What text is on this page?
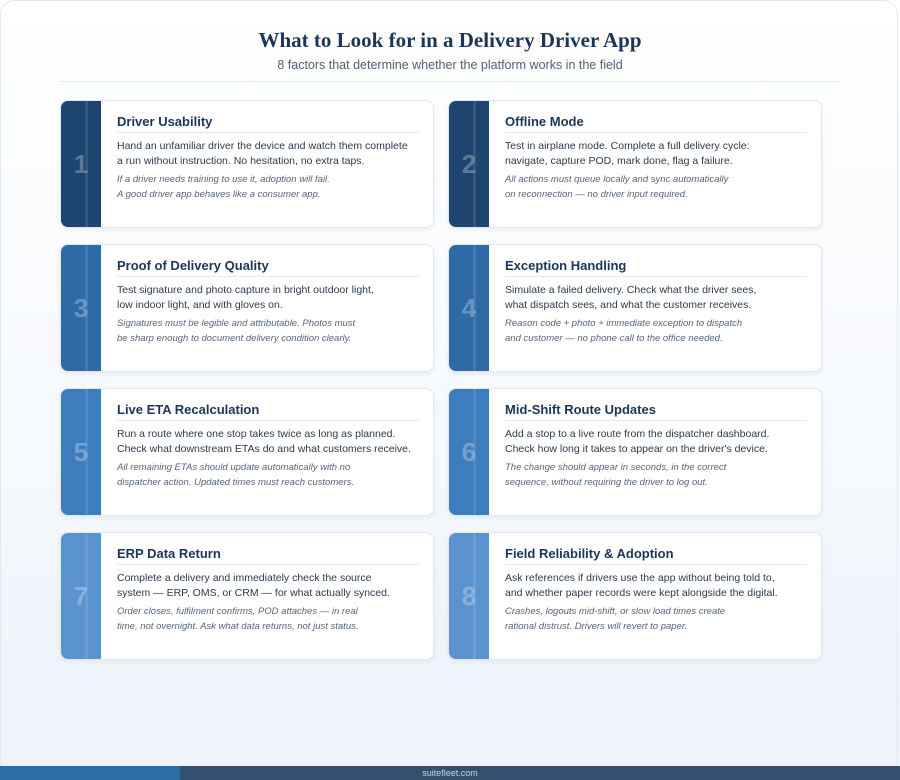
What to Look for in a Delivery Driver App
8 factors that determine whether the platform works in the field
1
Driver Usability
Hand an unfamiliar driver the device and watch them complete
a run without instruction. No hesitation, no extra taps.
If a driver needs training to use it, adoption will fail.
A good driver app behaves like a consumer app.
2
Offline Mode
Test in airplane mode. Complete a full delivery cycle:
navigate, capture POD, mark done, flag a failure.
All actions must queue locally and sync automatically
on reconnection — no driver input required.
3
Proof of Delivery Quality
Test signature and photo capture in bright outdoor light,
low indoor light, and with gloves on.
Signatures must be legible and attributable. Photos must
be sharp enough to document delivery condition clearly.
4
Exception Handling
Simulate a failed delivery. Check what the driver sees,
what dispatch sees, and what the customer receives.
Reason code + photo + immediate exception to dispatch
and customer — no phone call to the office needed.
5
Live ETA Recalculation
Run a route where one stop takes twice as long as planned.
Check what downstream ETAs do and what customers receive.
All remaining ETAs should update automatically with no
dispatcher action. Updated times must reach customers.
6
Mid-Shift Route Updates
Add a stop to a live route from the dispatcher dashboard.
Check how long it takes to appear on the driver's device.
The change should appear in seconds, in the correct
sequence, without requiring the driver to log out.
7
ERP Data Return
Complete a delivery and immediately check the source
system — ERP, OMS, or CRM — for what actually synced.
Order closes, fulfilment confirms, POD attaches — in real
time, not overnight. Ask what data returns, not just status.
8
Field Reliability & Adoption
Ask references if drivers use the app without being told to,
and whether paper records were kept alongside the digital.
Crashes, logouts mid-shift, or slow load times create
rational distrust. Drivers will revert to paper.
suitefleet.com
